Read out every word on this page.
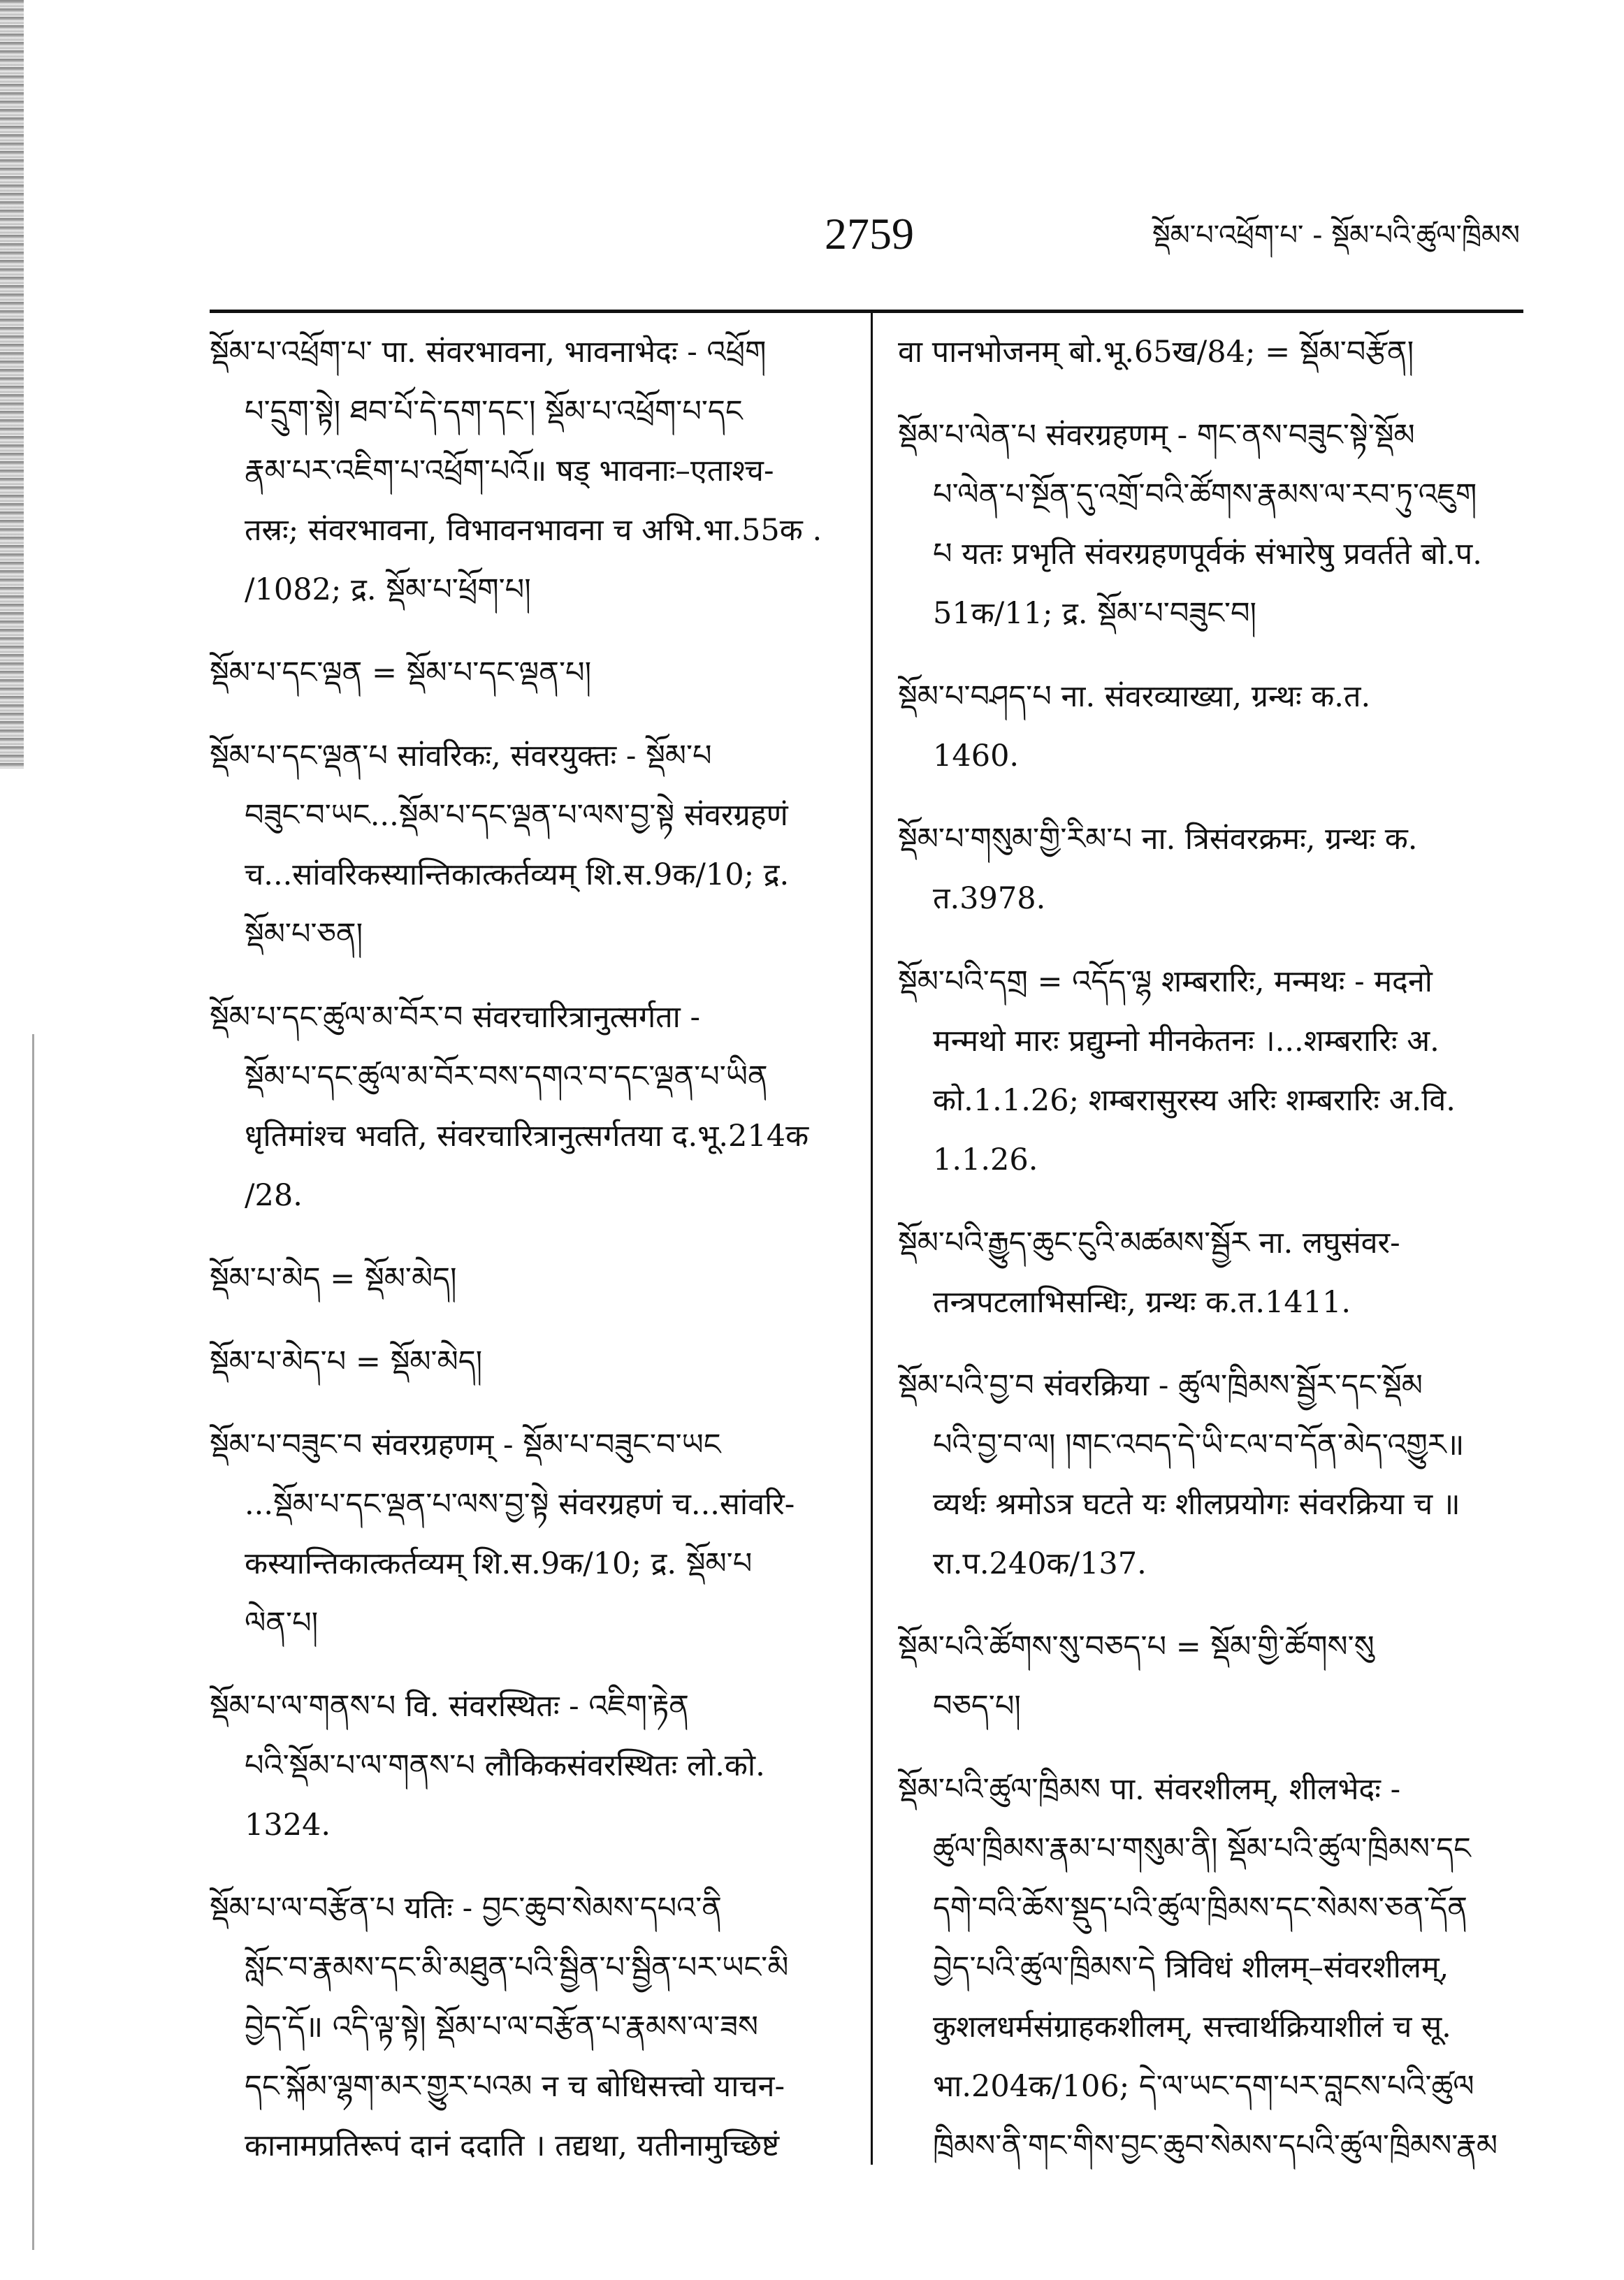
2759	སྡོམ་པ་འཕྲོག་པ་ - སྡོམ་པའི་ཚུལ་ཁྲིམས
སྡོམ་པ་འཕྲོག་པ་ पा. संवरभावना, भावनाभेदः - འཕྲོག
པ་དྲུག་སྟེ། ཐབ་པོ་དེ་དག་དང་། སྡོམ་པ་འཕྲོག་པ་དང
རྣམ་པར་འཇིག་པ་འཕྲོག་པའོ॥ षड् भावनाः–एताश्च-
तस्रः; संवरभावना, विभावनभावना च अभि.भा.55क .
/1082; द्र. སྡོམ་པ་ཕྲོག་པ།
སྡོམ་པ་དང་ལྡན = སྡོམ་པ་དང་ལྡན་པ།
སྡོམ་པ་དང་ལྡན་པ सांवरिकः, संवरयुक्तः - སྡོམ་པ
བཟུང་བ་ཡང...སྡོམ་པ་དང་ལྡན་པ་ལས་བྱ་སྟེ संवरग्रहणं
च...सांवरिकस्यान्तिकात्कर्तव्यम् शि.स.9क/10; द्र.
སྡོམ་པ་ཅན།
སྡོམ་པ་དང་ཚུལ་མ་བོར་བ संवरचारित्रानुत्सर्गता -
སྡོམ་པ་དང་ཚུལ་མ་བོར་བས་དགའ་བ་དང་ལྡན་པ་ཡིན
धृतिमांश्च भवति, संवरचारित्रानुत्सर्गतया द.भू.214क
/28.
སྡོམ་པ་མེད = སྡོམ་མེད།
སྡོམ་པ་མེད་པ = སྡོམ་མེད།
སྡོམ་པ་བཟུང་བ संवरग्रहणम् - སྡོམ་པ་བཟུང་བ་ཡང
...སྡོམ་པ་དང་ལྡན་པ་ལས་བྱ་སྟེ संवरग्रहणं च...सांवरि-
कस्यान्तिकात्कर्तव्यम् शि.स.9क/10; द्र. སྡོམ་པ
ལེན་པ།
སྡོམ་པ་ལ་གནས་པ वि. संवरस्थितः - འཇིག་རྟེན
པའི་སྡོམ་པ་ལ་གནས་པ लौकिकसंवरस्थितः लो.को.
1324.
སྡོམ་པ་ལ་བརྩོན་པ यतिः - བྱང་ཆུབ་སེམས་དཔའ་ནི
སློང་བ་རྣམས་དང་མི་མཐུན་པའི་སྦྱིན་པ་སྦྱིན་པར་ཡང་མི
བྱེད་དོ॥ འདི་ལྟ་སྟེ། སྡོམ་པ་ལ་བརྩོན་པ་རྣམས་ལ་ཟས
དང་སྐོམ་ལྷག་མར་གྱུར་པའམ न च बोधिसत्त्वो याचन-
कानामप्रतिरूपं दानं ददाति । तद्यथा, यतीनामुच्छिष्टं
वा पानभोजनम् बो.भू.65ख/84; = སྡོམ་བརྩོན།
སྡོམ་པ་ལེན་པ संवरग्रहणम् - གང་ནས་བཟུང་སྟེ་སྡོམ
པ་ལེན་པ་སྔོན་དུ་འགྲོ་བའི་ཚོགས་རྣམས་ལ་རབ་ཏུ་འཇུག
པ यतः प्रभृति संवरग्रहणपूर्वकं संभारेषु प्रवर्तते बो.प.
51क/11; द्र. སྡོམ་པ་བཟུང་བ།
སྡོམ་པ་བཤད་པ ना. संवरव्याख्या, ग्रन्थः क.त.
1460.
སྡོམ་པ་གསུམ་གྱི་རིམ་པ ना. त्रिसंवरक्रमः, ग्रन्थः क.
त.3978.
སྡོམ་པའི་དགྲ = འདོད་ལྷ शम्बरारिः, मन्मथः - मदनो
मन्मथो मारः प्रद्युम्नो मीनकेतनः ।...शम्बरारिः अ.
को.1.1.26; शम्बरासुरस्य अरिः शम्बरारिः अ.वि.
1.1.26.
སྡོམ་པའི་རྒྱུད་ཆུང་ངུའི་མཚམས་སྦྱོར ना. लघुसंवर-
तन्त्रपटलाभिसन्धिः, ग्रन्थः क.त.1411.
སྡོམ་པའི་བྱ་བ संवरक्रिया - ཚུལ་ཁྲིམས་སྦྱོར་དང་སྡོམ
པའི་བྱ་བ་ལ། །གང་འབད་དེ་ཡི་ངལ་བ་དོན་མེད་འགྱུར॥
व्यर्थः श्रमोऽत्र घटते यः शीलप्रयोगः संवरक्रिया च ॥
रा.प.240क/137.
སྡོམ་པའི་ཚོགས་སུ་བཅད་པ = སྡོམ་གྱི་ཚོགས་སུ
བཅད་པ།
སྡོམ་པའི་ཚུལ་ཁྲིམས पा. संवरशीलम्, शीलभेदः -
ཚུལ་ཁྲིམས་རྣམ་པ་གསུམ་ནི། སྡོམ་པའི་ཚུལ་ཁྲིམས་དང
དགེ་བའི་ཆོས་སྡུད་པའི་ཚུལ་ཁྲིམས་དང་སེམས་ཅན་དོན
བྱེད་པའི་ཚུལ་ཁྲིམས་དེ त्रिविधं शीलम्–संवरशीलम्,
कुशलधर्मसंग्राहकशीलम्, सत्त्वार्थक्रियाशीलं च सू.
भा.204क/106; དེ་ལ་ཡང་དག་པར་བླངས་པའི་ཚུལ
ཁྲིམས་ནི་གང་གིས་བྱང་ཆུབ་སེམས་དཔའི་ཚུལ་ཁྲིམས་རྣམ
